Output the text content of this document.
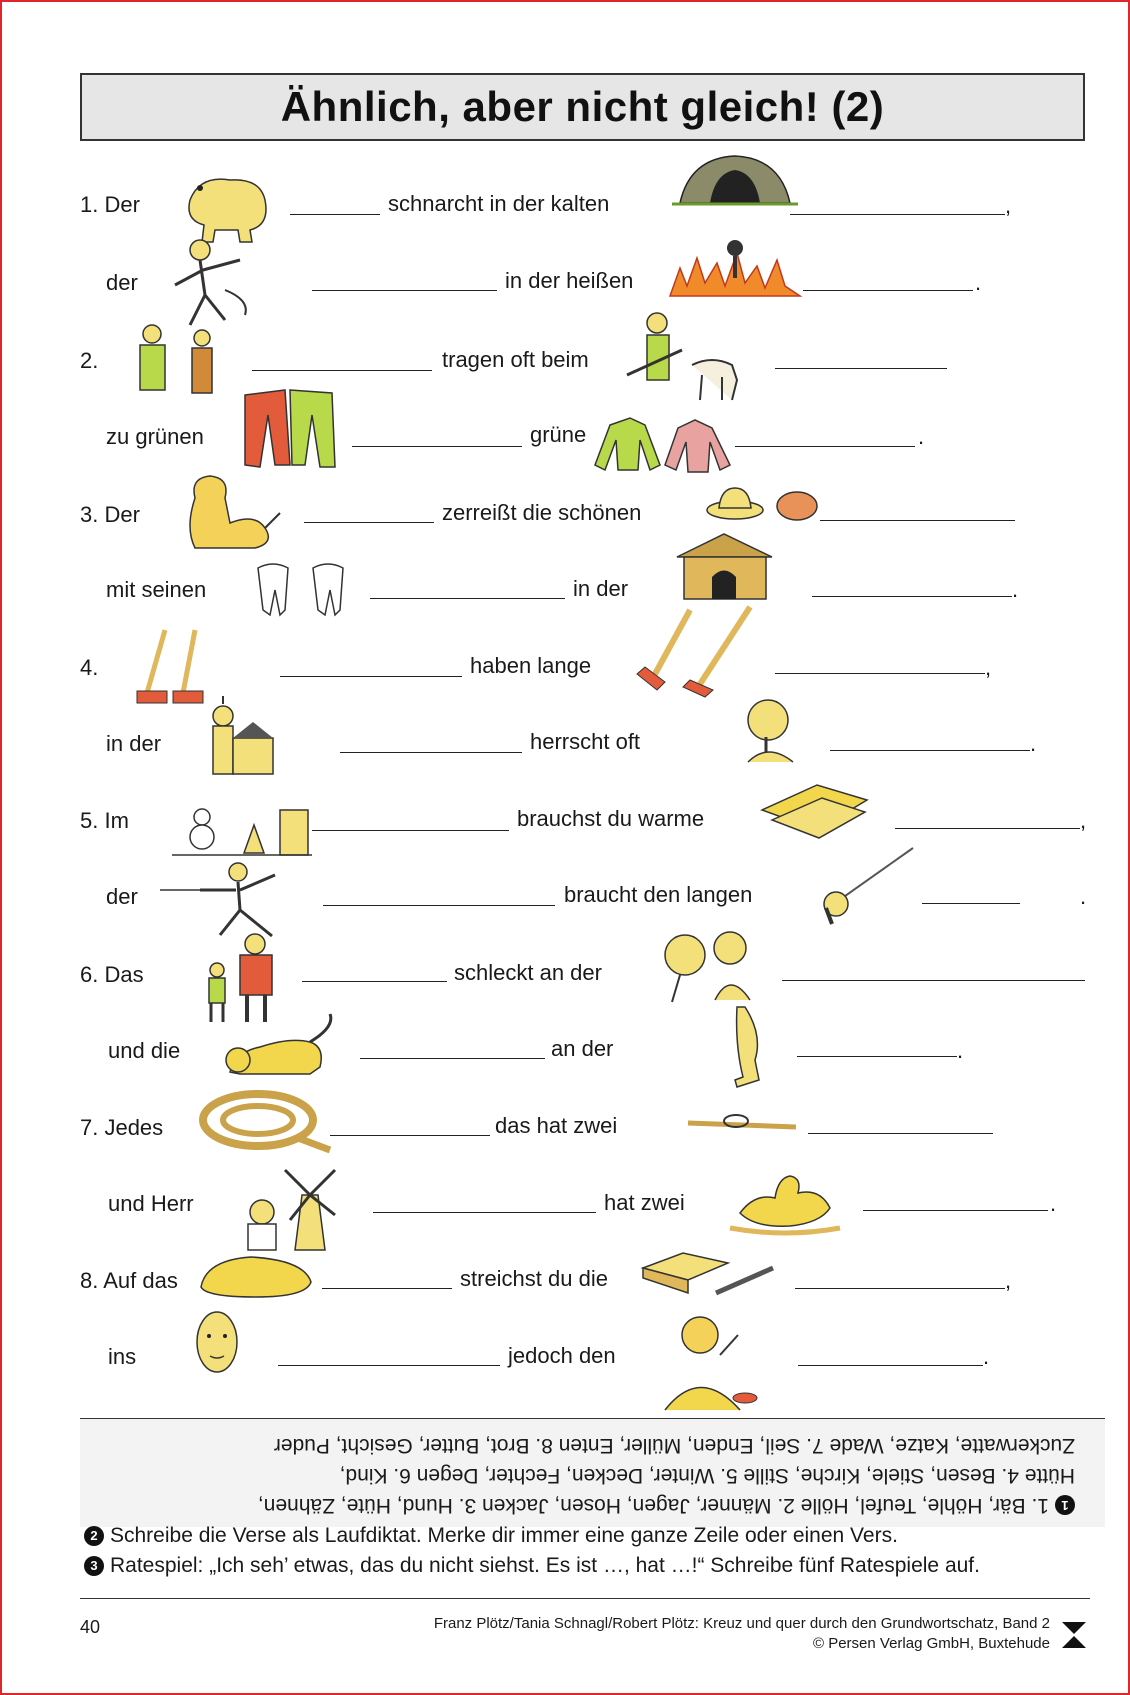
Ähnlich, aber nicht gleich! (2)
1. Der	schnarcht in der kalten	,
der	in der heißen	.
2.	tragen oft beim
zu grünen	grüne	.
3. Der	zerreißt die schönen
mit seinen	in der	.
4.	haben lange	,
in der	herrscht oft	.
5. Im	brauchst du warme	,
der	braucht den langen	.
6. Das	schleckt an der
und die	an der	.
7. Jedes	das hat zwei
und Herr	hat zwei	.
8. Auf das	streichst du die	,
ins	jedoch den	.
11. Bär, Höhle, Teufel, Hölle 2. Männer, Jagen, Hosen, Jacken 3. Hund, Hüte, Zähnen,
Hütte 4. Besen, Stiele, Kirche, Stille 5. Winter, Decken, Fechter, Degen 6. Kind,
Zuckerwatte, Katze, Wade 7. Seil, Enden, Müller, Enten 8. Brot, Butter, Gesicht, Puder
2 Schreibe die Verse als Laufdiktat. Merke dir immer eine ganze Zeile oder einen Vers.
3 Ratespiel: „Ich seh’ etwas, das du nicht siehst. Es ist …, hat …!“ Schreibe fünf Ratespiele auf.
40	Franz Plötz/Tania Schnagl/Robert Plötz: Kreuz und quer durch den Grundwortschatz, Band 2
© Persen Verlag GmbH, Buxtehude
